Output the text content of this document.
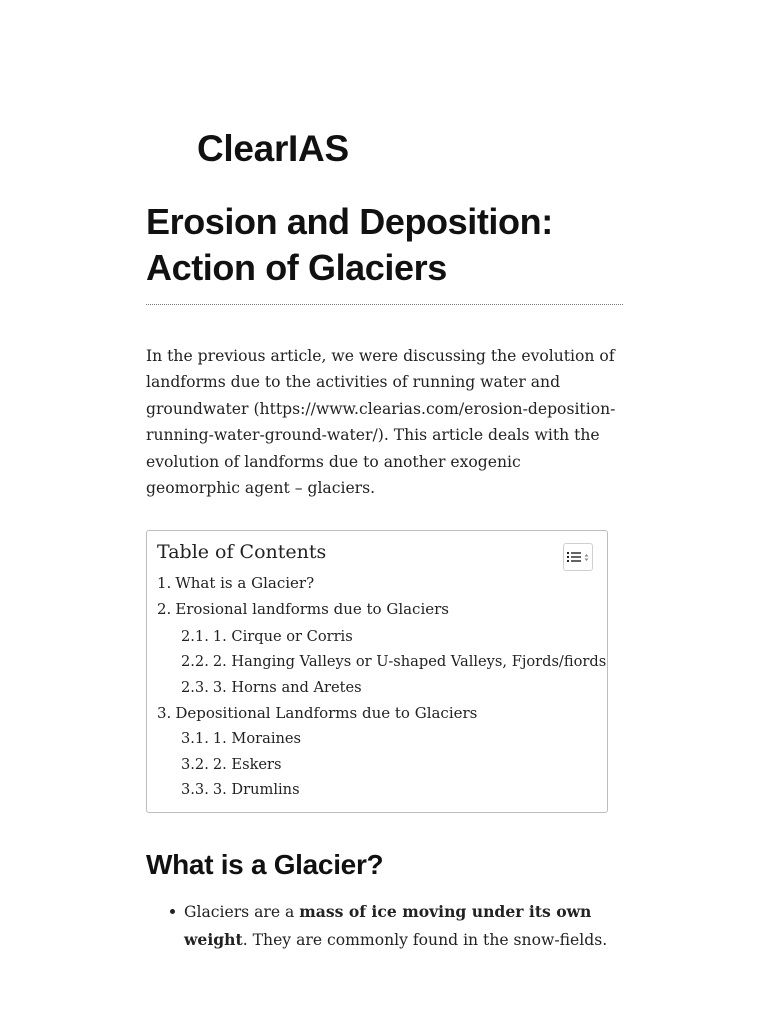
ClearIAS
Erosion and Deposition:
Action of Glaciers

In the previous article, we were discussing the evolution of landforms due to the activities of running water and groundwater (https://www.clearias.com/erosion-deposition-running-water-ground-water/). This article deals with the evolution of landforms due to another exogenic geomorphic agent – glaciers.

Table of Contents
1. What is a Glacier?
2. Erosional landforms due to Glaciers
2.1. 1. Cirque or Corris
2.2. 2. Hanging Valleys or U-shaped Valleys, Fjords/fiords
2.3. 3. Horns and Aretes
3. Depositional Landforms due to Glaciers
3.1. 1. Moraines
3.2. 2. Eskers
3.3. 3. Drumlins
What is a Glacier?
Glaciers are a mass of ice moving under its own weight. They are commonly found in the snow-fields.
